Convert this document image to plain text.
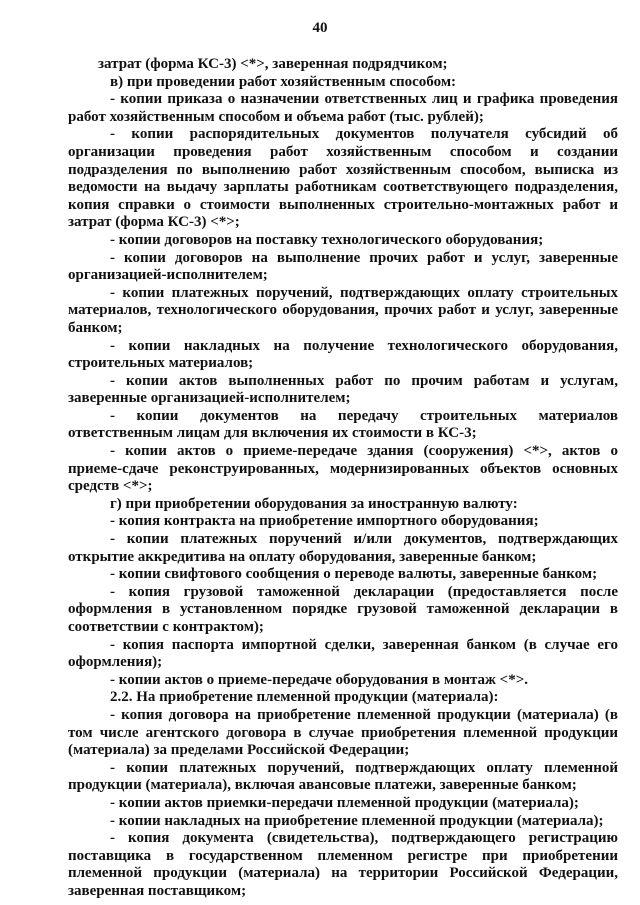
40

затрат (форма КС-3) <*>, заверенная подрядчиком;

в) при проведении работ хозяйственным способом:

- копии приказа о назначении ответственных лиц и графика проведения работ хозяйственным способом и объема работ (тыс. рублей);

- копии распорядительных документов получателя субсидий об организации проведения работ хозяйственным способом и создании подразделения по выполнению работ хозяйственным способом, выписка из ведомости на выдачу зарплаты работникам соответствующего подразделения, копия справки о стоимости выполненных строительно-монтажных работ и затрат (форма КС-3) <*>;

- копии договоров на поставку технологического оборудования;

- копии договоров на выполнение прочих работ и услуг, заверенные организацией-исполнителем;

- копии платежных поручений, подтверждающих оплату строительных материалов, технологического оборудования, прочих работ и услуг, заверенные банком;

- копии накладных на получение технологического оборудования, строительных материалов;

- копии актов выполненных работ по прочим работам и услугам, заверенные организацией-исполнителем;

- копии документов на передачу строительных материалов ответственным лицам для включения их стоимости в КС-3;

- копии актов о приеме-передаче здания (сооружения) <*>, актов о приеме-сдаче реконструированных, модернизированных объектов основных средств <*>;

г) при приобретении оборудования за иностранную валюту:

- копия контракта на приобретение импортного оборудования;

- копии платежных поручений и/или документов, подтверждающих открытие аккредитива на оплату оборудования, заверенные банком;

- копии свифтового сообщения о переводе валюты, заверенные банком;

- копия грузовой таможенной декларации (предоставляется после оформления в установленном порядке грузовой таможенной декларации в соответствии с контрактом);

- копия паспорта импортной сделки, заверенная банком (в случае его оформления);

- копии актов о приеме-передаче оборудования в монтаж <*>.

2.2. На приобретение племенной продукции (материала):

- копия договора на приобретение племенной продукции (материала) (в том числе агентского договора в случае приобретения племенной продукции (материала) за пределами Российской Федерации;

- копии платежных поручений, подтверждающих оплату племенной продукции (материала), включая авансовые платежи, заверенные банком;

- копии актов приемки-передачи племенной продукции (материала);

- копии накладных на приобретение племенной продукции (материала);

- копия документа (свидетельства), подтверждающего регистрацию поставщика в государственном племенном регистре при приобретении племенной продукции (материала) на территории Российской Федерации, заверенная поставщиком;
